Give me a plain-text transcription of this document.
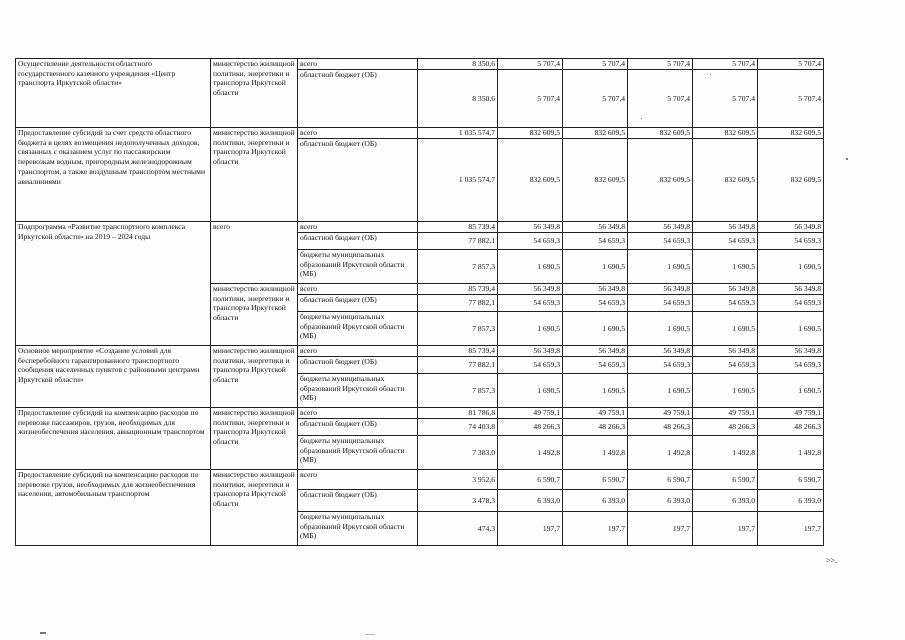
Осуществление деятельности областного государственного казенного учреждения «Центр транспорта Иркутской области»	министерство жилищной политики, энергетики и транспорта Иркутской области	всего	8 350,6	5 707,4	5 707,4	5 707,4	5 707,4	5 707,4
		областной бюджет (ОБ)	8 350,6	5 707,4	5 707,4	5 707,4	5 707,4	5 707,4
Предоставление субсидий за счет средств областного бюджета в целях возмещения недополученных доходов, связанных с оказанием услуг по пассажирским перевозкам водным, пригородным железнодорожным транспортом, а также воздушным транспортом местными авиалиниями	министерство жилищной политики, энергетики и транспорта Иркутской области	всего	1 035 574,7	832 609,5	832 609,5	832 609,5	832 609,5	832 609,5
		областной бюджет (ОБ)	1 035 574,7	832 609,5	832 609,5	832 609,5	832 609,5	832 609,5
Подпрограмма «Развитие транспортного комплекса Иркутской области» на 2019 – 2024 годы	всего	всего	85 739,4	56 349,8	56 349,8	56 349,8	56 349,8	56 349,8
		областной бюджет (ОБ)	77 882,1	54 659,3	54 659,3	54 659,3	54 659,3	54 659,3
		бюджеты муниципальных образований Иркутской области (МБ)	7 857,3	1 690,5	1 690,5	1 690,5	1 690,5	1 690,5
	министерство жилищной политики, энергетики и транспорта Иркутской области	всего	85 739,4	56 349,8	56 349,8	56 349,8	56 349,8	56 349,8
		областной бюджет (ОБ)	77 882,1	54 659,3	54 659,3	54 659,3	54 659,3	54 659,3
		бюджеты муниципальных образований Иркутской области (МБ)	7 857,3	1 690,5	1 690,5	1 690,5	1 690,5	1 690,5
Основное мероприятие «Создание условий для бесперебойного гарантированного транспортного сообщения населенных пунктов с районными центрами Иркутской области»	министерство жилищной политики, энергетики и транспорта Иркутской области	всего	85 739,4	56 349,8	56 349,8	56 349,8	56 349,8	56 349,8
		областной бюджет (ОБ)	77 882,1	54 659,3	54 659,3	54 659,3	54 659,3	54 659,3
		бюджеты муниципальных образований Иркутской области (МБ)	7 857,3	1 690,5	1 690,5	1 690,5	1 690,5	1 690,5
Предоставление субсидий на компенсацию расходов по перевозке пассажиров, грузов, необходимых для жизнеобеспечения населения, авиационным транспортом	министерство жилищной политики, энергетики и транспорта Иркутской области	всего	81 786,8	49 759,1	49 759,1	49 759,1	49 759,1	49 759,1
		областной бюджет (ОБ)	74 403,8	48 266,3	48 266,3	48 266,3	48 266,3	48 266,3
		бюджеты муниципальных образований Иркутской области (МБ)	7 383,0	1 492,8	1 492,8	1 492,8	1 492,8	1 492,8
Предоставление субсидий на компенсацию расходов по перевозке грузов, необходимых для жизнеобеспечения населения, автомобильным транспортом	министерство жилищной политики, энергетики и транспорта Иркутской области	всего	3 952,6	6 590,7	6 590,7	6 590,7	6 590,7	6 590,7
		областной бюджет (ОБ)	3 478,3	6 393,0	6 393,0	6 393,0	6 393,0	6 393,0
		бюджеты муниципальных образований Иркутской области (МБ)	474,3	197,7	197,7	197,7	197,7	197,7
>>.
